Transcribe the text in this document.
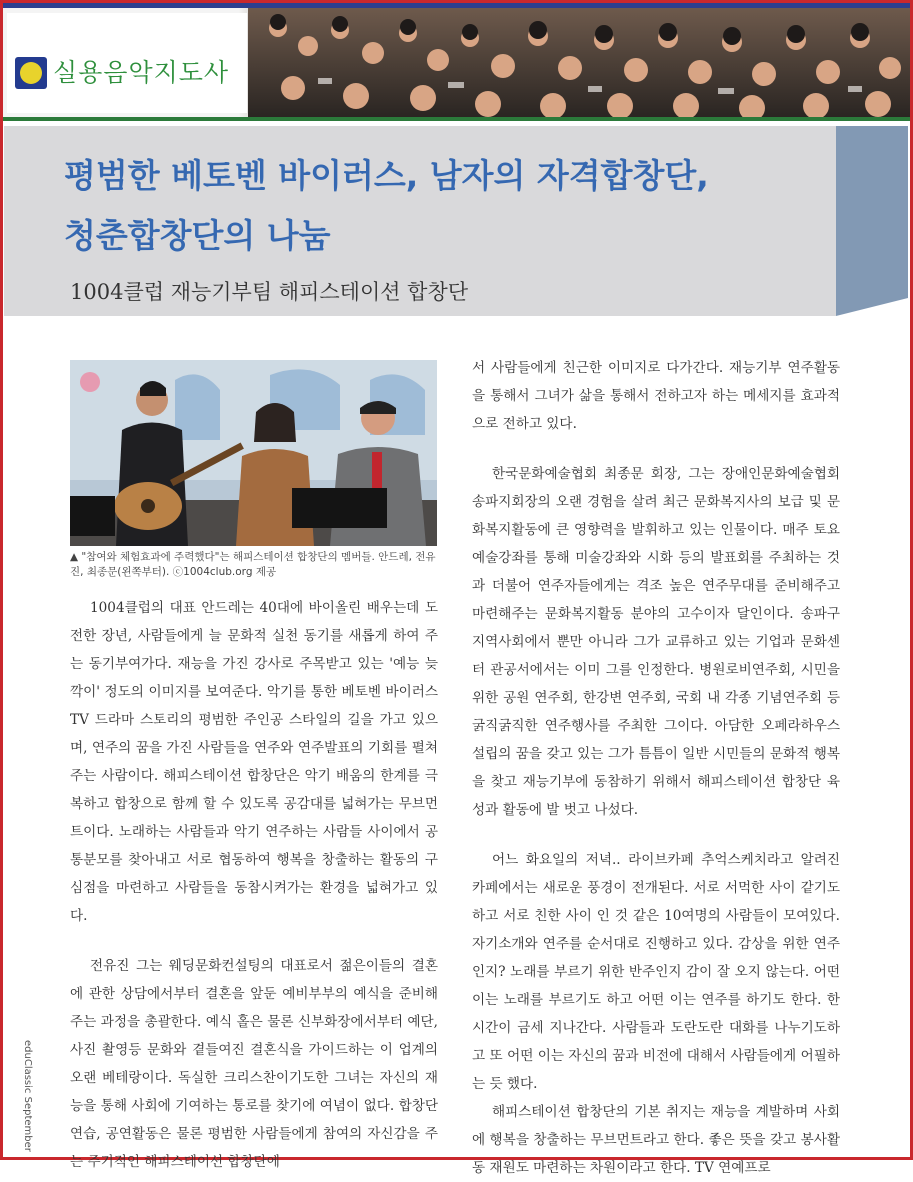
실용음악지도사
평범한 베토벤 바이러스, 남자의 자격합창단,
청춘합창단의 나눔
1004클럽 재능기부팀 해피스테이션 합창단
▲ "참여와 체험효과에 주력했다"는 해피스테이션 합창단의 멤버들. 안드레, 전유진, 최종문(왼쪽부터). ⓒ1004club.org 제공

1004클럽의 대표 안드레는 40대에 바이올린 배우는데 도전한 장년, 사람들에게 늘 문화적 실천 동기를 새롭게 하여 주는 동기부여가다. 재능을 가진 강사로 주목받고 있는 '예능 늦깍이' 정도의 이미지를 보여준다. 악기를 통한 베토벤 바이러스 TV 드라마 스토리의 평범한 주인공 스타일의 길을 가고 있으며, 연주의 꿈을 가진 사람들을 연주와 연주발표의 기회를 펼쳐주는 사람이다. 해피스테이션 합창단은 악기 배움의 한계를 극복하고 합창으로 함께 할 수 있도록 공감대를 넓혀가는 무브먼트이다. 노래하는 사람들과 악기 연주하는 사람들 사이에서 공통분모를 찾아내고 서로 협동하여 행복을 창출하는 활동의 구심점을 마련하고 사람들을 동참시켜가는 환경을 넓혀가고 있다.

전유진 그는 웨딩문화컨설팅의 대표로서 젊은이들의 결혼에 관한 상담에서부터 결혼을 앞둔 예비부부의 예식을 준비해주는 과정을 총괄한다. 예식 홀은 물론 신부화장에서부터 예단, 사진 촬영등 문화와 곁들여진 결혼식을 가이드하는 이 업계의 오랜 베테랑이다. 독실한 크리스찬이기도한 그녀는 자신의 재능을 통해 사회에 기여하는 통로를 찾기에 여념이 없다. 합창단연습, 공연활동은 물론 평범한 사람들에게 참여의 자신감을 주는 주기적인 해피스테이션 합창단에

서 사람들에게 친근한 이미지로 다가간다. 재능기부 연주활동을 통해서 그녀가 삶을 통해서 전하고자 하는 메세지를 효과적으로 전하고 있다.

한국문화예술협회 최종문 회장, 그는 장애인문화예술협회 송파지회장의 오랜 경험을 살려 최근 문화복지사의 보급 및 문화복지활동에 큰 영향력을 발휘하고 있는 인물이다. 매주 토요예술강좌를 통해 미술강좌와 시화 등의 발표회를 주최하는 것과 더불어 연주자들에게는 격조 높은 연주무대를 준비해주고 마련해주는 문화복지활동 분야의 고수이자 달인이다. 송파구 지역사회에서 뿐만 아니라 그가 교류하고 있는 기업과 문화센터 관공서에서는 이미 그를 인정한다. 병원로비연주회, 시민을 위한 공원 연주회, 한강변 연주회, 국회 내 각종 기념연주회 등 굵직굵직한 연주행사를 주최한 그이다. 아담한 오페라하우스 설립의 꿈을 갖고 있는 그가 틈틈이 일반 시민들의 문화적 행복을 찾고 재능기부에 동참하기 위해서 해피스테이션 합창단 육성과 활동에 발 벗고 나섰다.

어느 화요일의 저녁.. 라이브카페 추억스케치라고 알려진 카페에서는 새로운 풍경이 전개된다. 서로 서먹한 사이 같기도 하고 서로 친한 사이 인 것 같은 10여명의 사람들이 모여있다. 자기소개와 연주를 순서대로 진행하고 있다. 감상을 위한 연주인지? 노래를 부르기 위한 반주인지 감이 잘 오지 않는다. 어떤 이는 노래를 부르기도 하고 어떤 이는 연주를 하기도 한다. 한 시간이 금세 지나간다. 사람들과 도란도란 대화를 나누기도하고 또 어떤 이는 자신의 꿈과 비전에 대해서 사람들에게 어필하는 듯 했다.

해피스테이션 합창단의 기본 취지는 재능을 계발하며 사회에 행복을 창출하는 무브먼트라고 한다. 좋은 뜻을 갖고 봉사활동 재원도 마련하는 차원이라고 한다. TV 연예프로

eduClassic September
